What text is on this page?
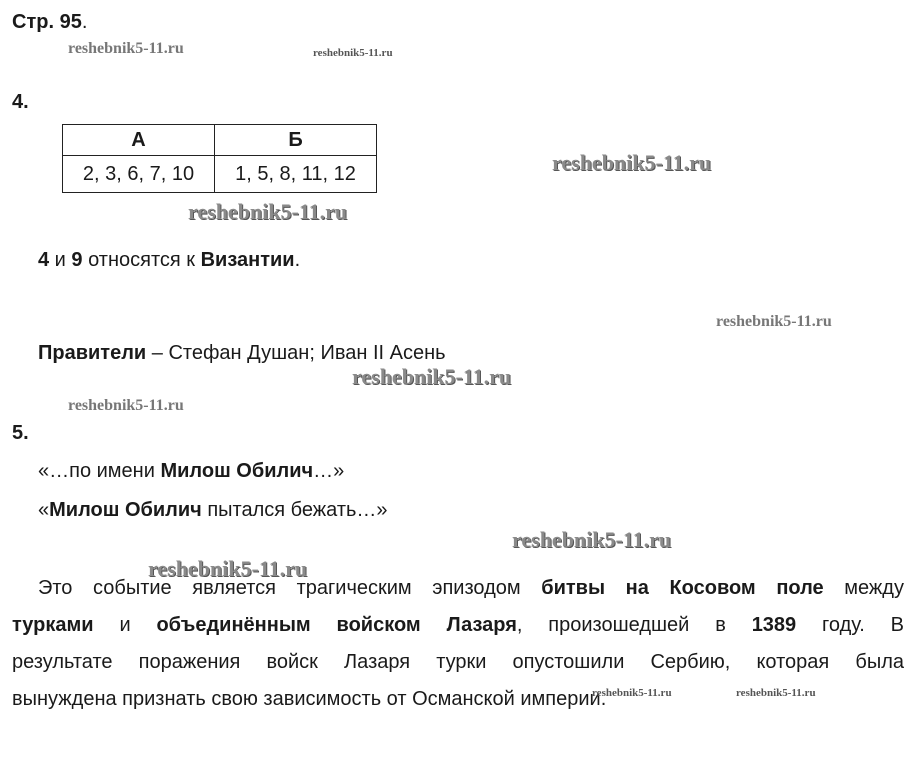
Стр. 95.
4.
А	Б
2, 3, 6, 7, 10	1, 5, 8, 11, 12
4 и 9 относятся к Византии.
Правители – Стефан Душан; Иван II Асень
5.
«…по имени Милош Обилич…»
«Милош Обилич пытался бежать…»
Это событие является трагическим эпизодом битвы на Косовом поле между
турками и объединённым войском Лазаря, произошедшей в 1389 году. В
результате поражения войск Лазаря турки опустошили Сербию, которая была
вынуждена признать свою зависимость от Османской империи.
reshebnik5-11.ru	reshebnik5-11.ru
reshebnik5-11.ru
reshebnik5-11.ru
reshebnik5-11.ru
reshebnik5-11.ru
reshebnik5-11.ru
reshebnik5-11.ru
reshebnik5-11.ru
reshebnik5-11.ru	reshebnik5-11.ru
